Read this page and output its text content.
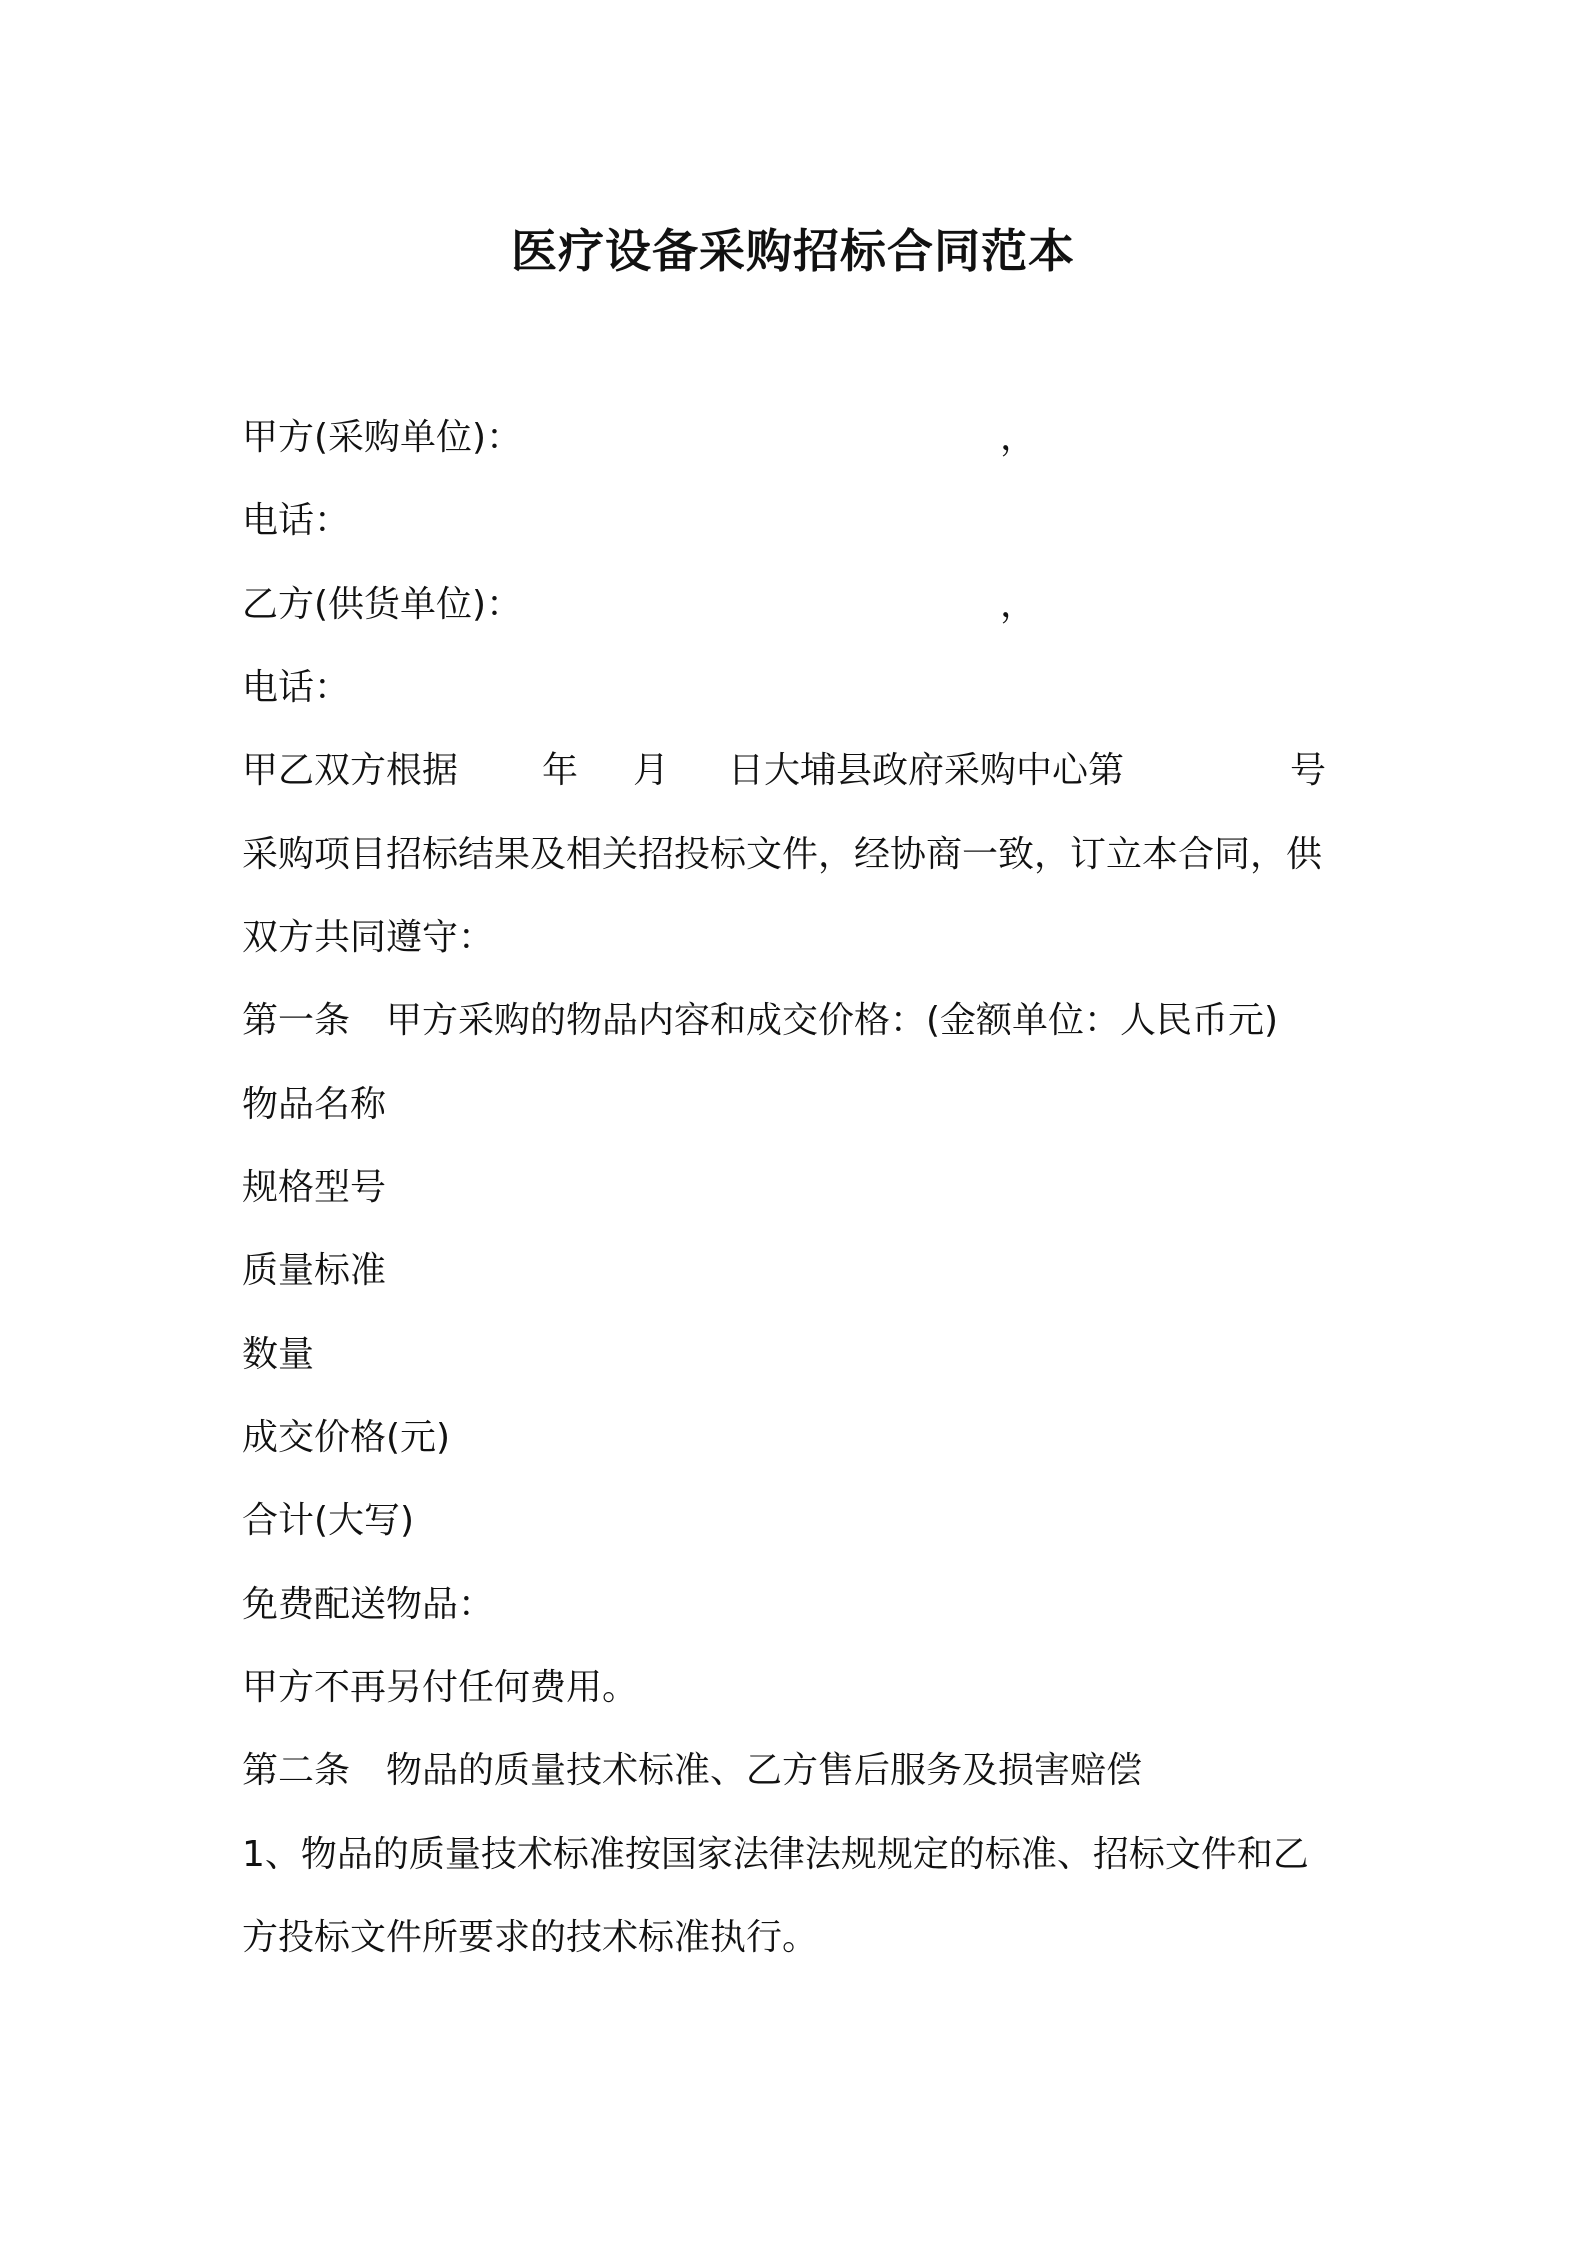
医疗设备采购招标合同范本
甲方(采购单位)：	，
电话：
乙方(供货单位)：	，
电话：
甲乙双方根据 年 月 日大埔县政府采购中心第	号
采购项目招标结果及相关招投标文件，经协商一致，订立本合同，供
双方共同遵守：
第一条　甲方采购的物品内容和成交价格：(金额单位：人民币元)
物品名称
规格型号
质量标准
数量
成交价格(元)
合计(大写)
免费配送物品：
甲方不再另付任何费用。
第二条　物品的质量技术标准、乙方售后服务及损害赔偿
1、物品的质量技术标准按国家法律法规规定的标准、招标文件和乙
方投标文件所要求的技术标准执行。
